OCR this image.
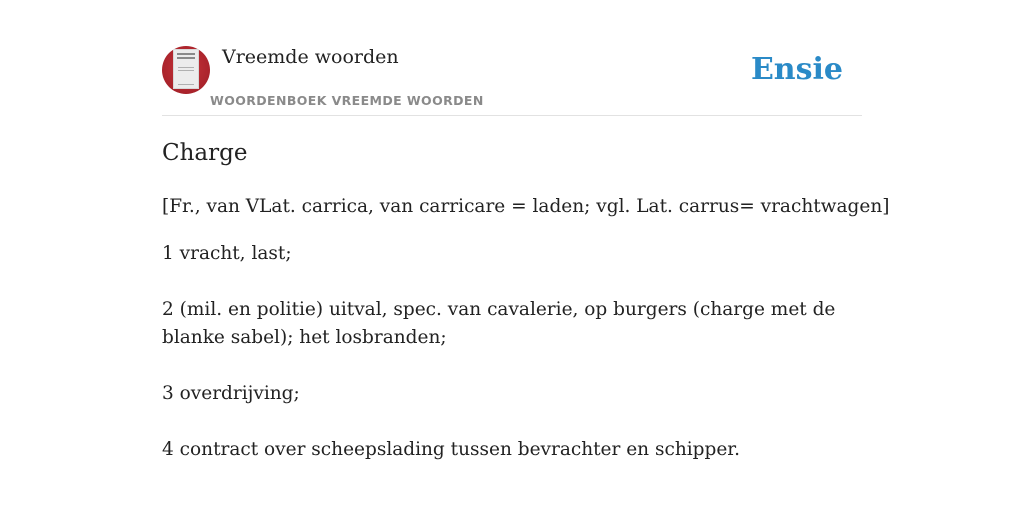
Vreemde woorden
WOORDENBOEK VREEMDE WOORDEN
Ensie
Charge
[Fr., van VLat. carrica, van carricare = laden; vgl. Lat. carrus= vrachtwagen]

1 vracht, last;

2 (mil. en politie) uitval, spec. van cavalerie, op burgers (charge met de blanke sabel); het losbranden;

3 overdrijving;

4 contract over scheepslading tussen bevrachter en schipper.
